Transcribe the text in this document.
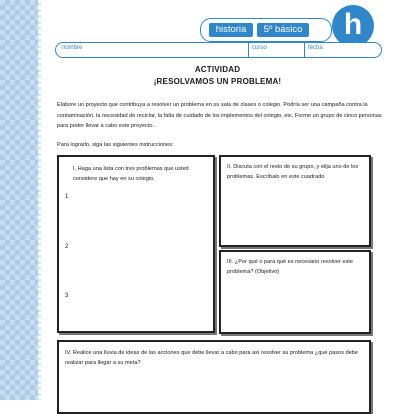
historia	5º básico	h
nombre	curso	fecha
ACTIVIDAD
¡RESOLVAMOS UN PROBLEMA!
Elabore un proyecto que contribuya a resolver un problema en su sala de clases o colegio. Podría ser una campaña contra la contaminación, la necesidad de reciclar, la falta de cuidado de los implementos del colegio, etc. Forme un grupo de cinco personas para poder llevar a cabo este proyecto.
Para lograrlo, siga las siguientes instrucciones:
I. Haga una lista con tres problemas que usted considere que hay en su colegio.
1
2
3
II. Discuta con el resto de su grupo, y elija uno de los problemas. Escríbalo en este cuadrado
III. ¿Por qué o para qué es necesario resolver este problema? (Objetivo)
IV. Realice una lluvia de ideas de las acciones que debe llevar a cabo para así resolver su problema ¿qué pasos debe realizar para llegar a su meta?
